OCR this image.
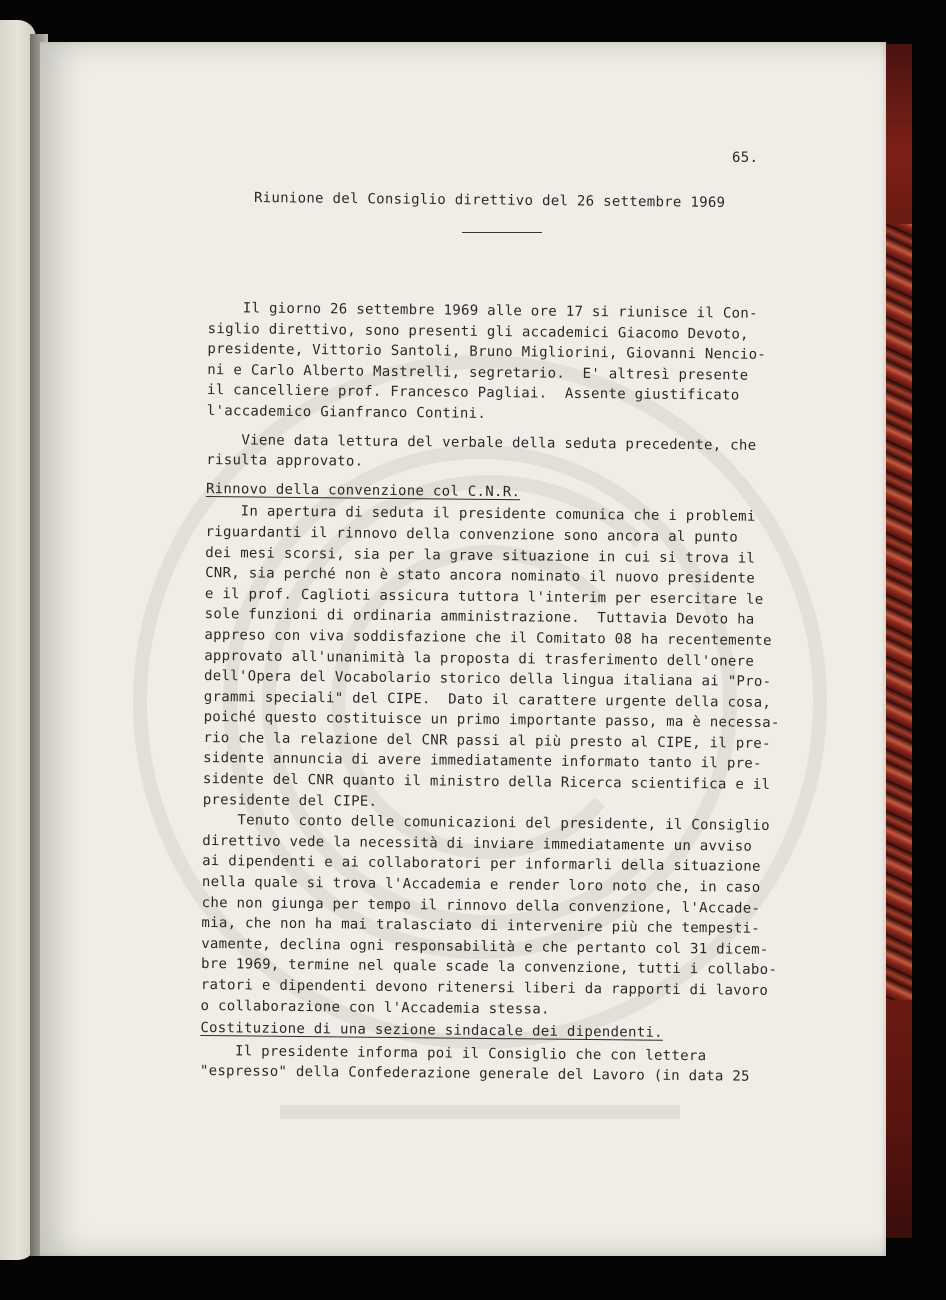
65.
Riunione del Consiglio direttivo del 26 settembre 1969

Il giorno 26 settembre 1969 alle ore 17 si riunisce il Con-

siglio direttivo, sono presenti gli accademici Giacomo Devoto,

presidente, Vittorio Santoli, Bruno Migliorini, Giovanni Nencio-

ni e Carlo Alberto Mastrelli, segretario.  E' altresì presente

il cancelliere prof. Francesco Pagliai.  Assente giustificato

l'accademico Gianfranco Contini.

Viene data lettura del verbale della seduta precedente, che

risulta approvato.

Rinnovo della convenzione col C.N.R.

In apertura di seduta il presidente comunica che i problemi

riguardanti il rinnovo della convenzione sono ancora al punto

dei mesi scorsi, sia per la grave situazione in cui si trova il

CNR, sia perché non è stato ancora nominato il nuovo presidente

e il prof. Caglioti assicura tuttora l'interim per esercitare le

sole funzioni di ordinaria amministrazione.  Tuttavia Devoto ha

appreso con viva soddisfazione che il Comitato 08 ha recentemente

approvato all'unanimità la proposta di trasferimento dell'onere

dell'Opera del Vocabolario storico della lingua italiana ai "Pro-

grammi speciali" del CIPE.  Dato il carattere urgente della cosa,

poiché questo costituisce un primo importante passo, ma è necessa-

rio che la relazione del CNR passi al più presto al CIPE, il pre-

sidente annuncia di avere immediatamente informato tanto il pre-

sidente del CNR quanto il ministro della Ricerca scientifica e il

presidente del CIPE.

Tenuto conto delle comunicazioni del presidente, il Consiglio

direttivo vede la necessità di inviare immediatamente un avviso

ai dipendenti e ai collaboratori per informarli della situazione

nella quale si trova l'Accademia e render loro noto che, in caso

che non giunga per tempo il rinnovo della convenzione, l'Accade-

mia, che non ha mai tralasciato di intervenire più che tempesti-

vamente, declina ogni responsabilità e che pertanto col 31 dicem-

bre 1969, termine nel quale scade la convenzione, tutti i collabo-

ratori e dipendenti devono ritenersi liberi da rapporti di lavoro

o collaborazione con l'Accademia stessa.

Costituzione di una sezione sindacale dei dipendenti.

Il presidente informa poi il Consiglio che con lettera

"espresso" della Confederazione generale del Lavoro (in data 25
